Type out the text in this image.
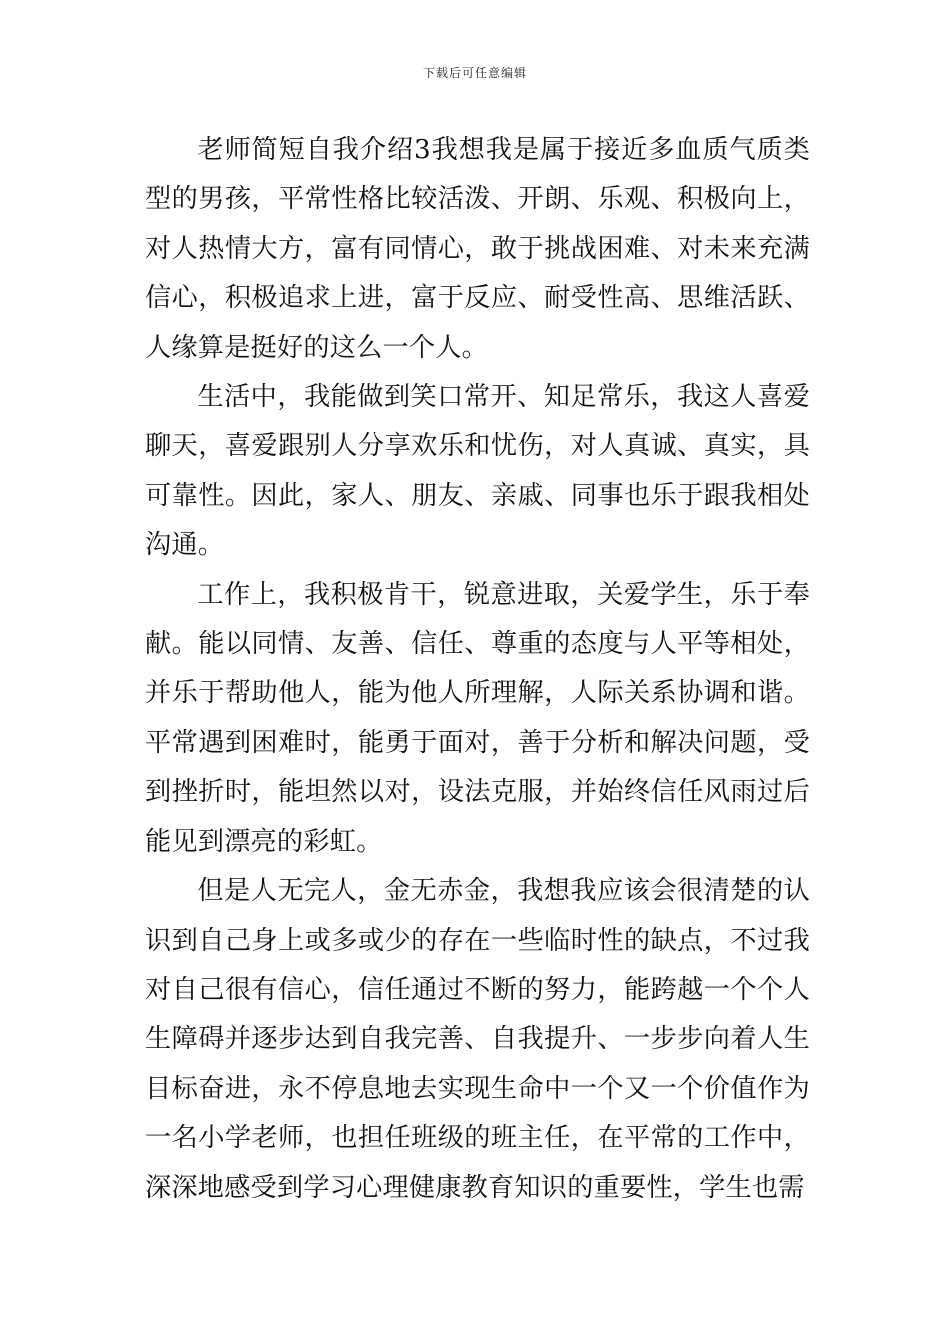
下载后可任意编辑

老师简短自我介绍3我想我是属于接近多血质气质类型的男孩，平常性格比较活泼、开朗、乐观、积极向上，对人热情大方，富有同情心，敢于挑战困难、对未来充满信心，积极追求上进，富于反应、耐受性高、思维活跃、人缘算是挺好的这么一个人。

生活中，我能做到笑口常开、知足常乐，我这人喜爱聊天，喜爱跟别人分享欢乐和忧伤，对人真诚、真实，具可靠性。因此，家人、朋友、亲戚、同事也乐于跟我相处沟通。

工作上，我积极肯干，锐意进取，关爱学生，乐于奉献。能以同情、友善、信任、尊重的态度与人平等相处，并乐于帮助他人，能为他人所理解，人际关系协调和谐。平常遇到困难时，能勇于面对，善于分析和解决问题，受到挫折时，能坦然以对，设法克服，并始终信任风雨过后能见到漂亮的彩虹。

但是人无完人，金无赤金，我想我应该会很清楚的认识到自己身上或多或少的存在一些临时性的缺点，不过我对自己很有信心，信任通过不断的努力，能跨越一个个人生障碍并逐步达到自我完善、自我提升、一步步向着人生目标奋进，永不停息地去实现生命中一个又一个价值作为一名小学老师，也担任班级的班主任，在平常的工作中，深深地感受到学习心理健康教育知识的重要性，学生也需
